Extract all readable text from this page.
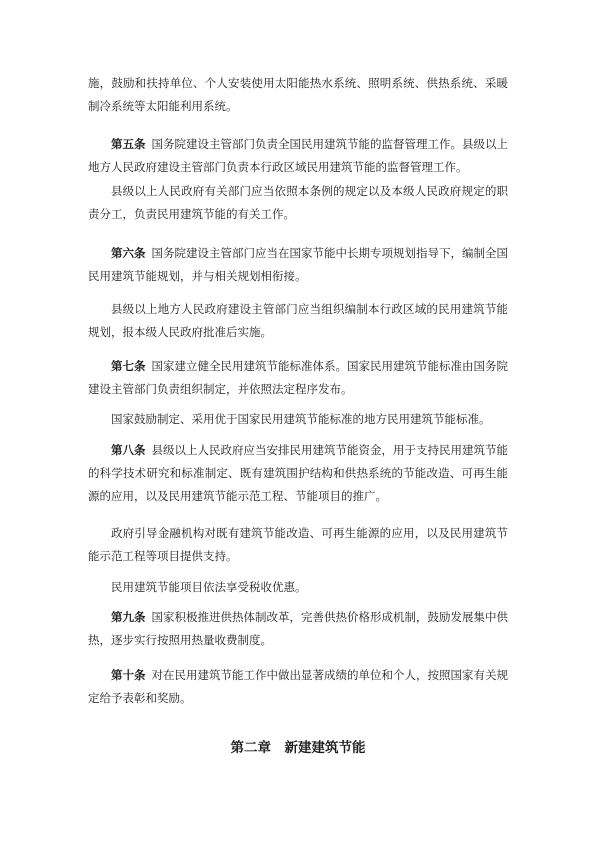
施，鼓励和扶持单位、个人安装使用太阳能热水系统、照明系统、供热系统、采暖制冷系统等太阳能利用系统。

第五条 国务院建设主管部门负责全国民用建筑节能的监督管理工作。县级以上地方人民政府建设主管部门负责本行政区域民用建筑节能的监督管理工作。

县级以上人民政府有关部门应当依照本条例的规定以及本级人民政府规定的职责分工，负责民用建筑节能的有关工作。

第六条 国务院建设主管部门应当在国家节能中长期专项规划指导下，编制全国民用建筑节能规划，并与相关规划相衔接。

县级以上地方人民政府建设主管部门应当组织编制本行政区域的民用建筑节能规划，报本级人民政府批准后实施。

第七条 国家建立健全民用建筑节能标准体系。国家民用建筑节能标准由国务院建设主管部门负责组织制定，并依照法定程序发布。

国家鼓励制定、采用优于国家民用建筑节能标准的地方民用建筑节能标准。

第八条 县级以上人民政府应当安排民用建筑节能资金，用于支持民用建筑节能的科学技术研究和标准制定、既有建筑围护结构和供热系统的节能改造、可再生能源的应用，以及民用建筑节能示范工程、节能项目的推广。

政府引导金融机构对既有建筑节能改造、可再生能源的应用，以及民用建筑节能示范工程等项目提供支持。

民用建筑节能项目依法享受税收优惠。

第九条 国家积极推进供热体制改革，完善供热价格形成机制，鼓励发展集中供热，逐步实行按照用热量收费制度。

第十条 对在民用建筑节能工作中做出显著成绩的单位和个人，按照国家有关规定给予表彰和奖励。

第二章　新建建筑节能
